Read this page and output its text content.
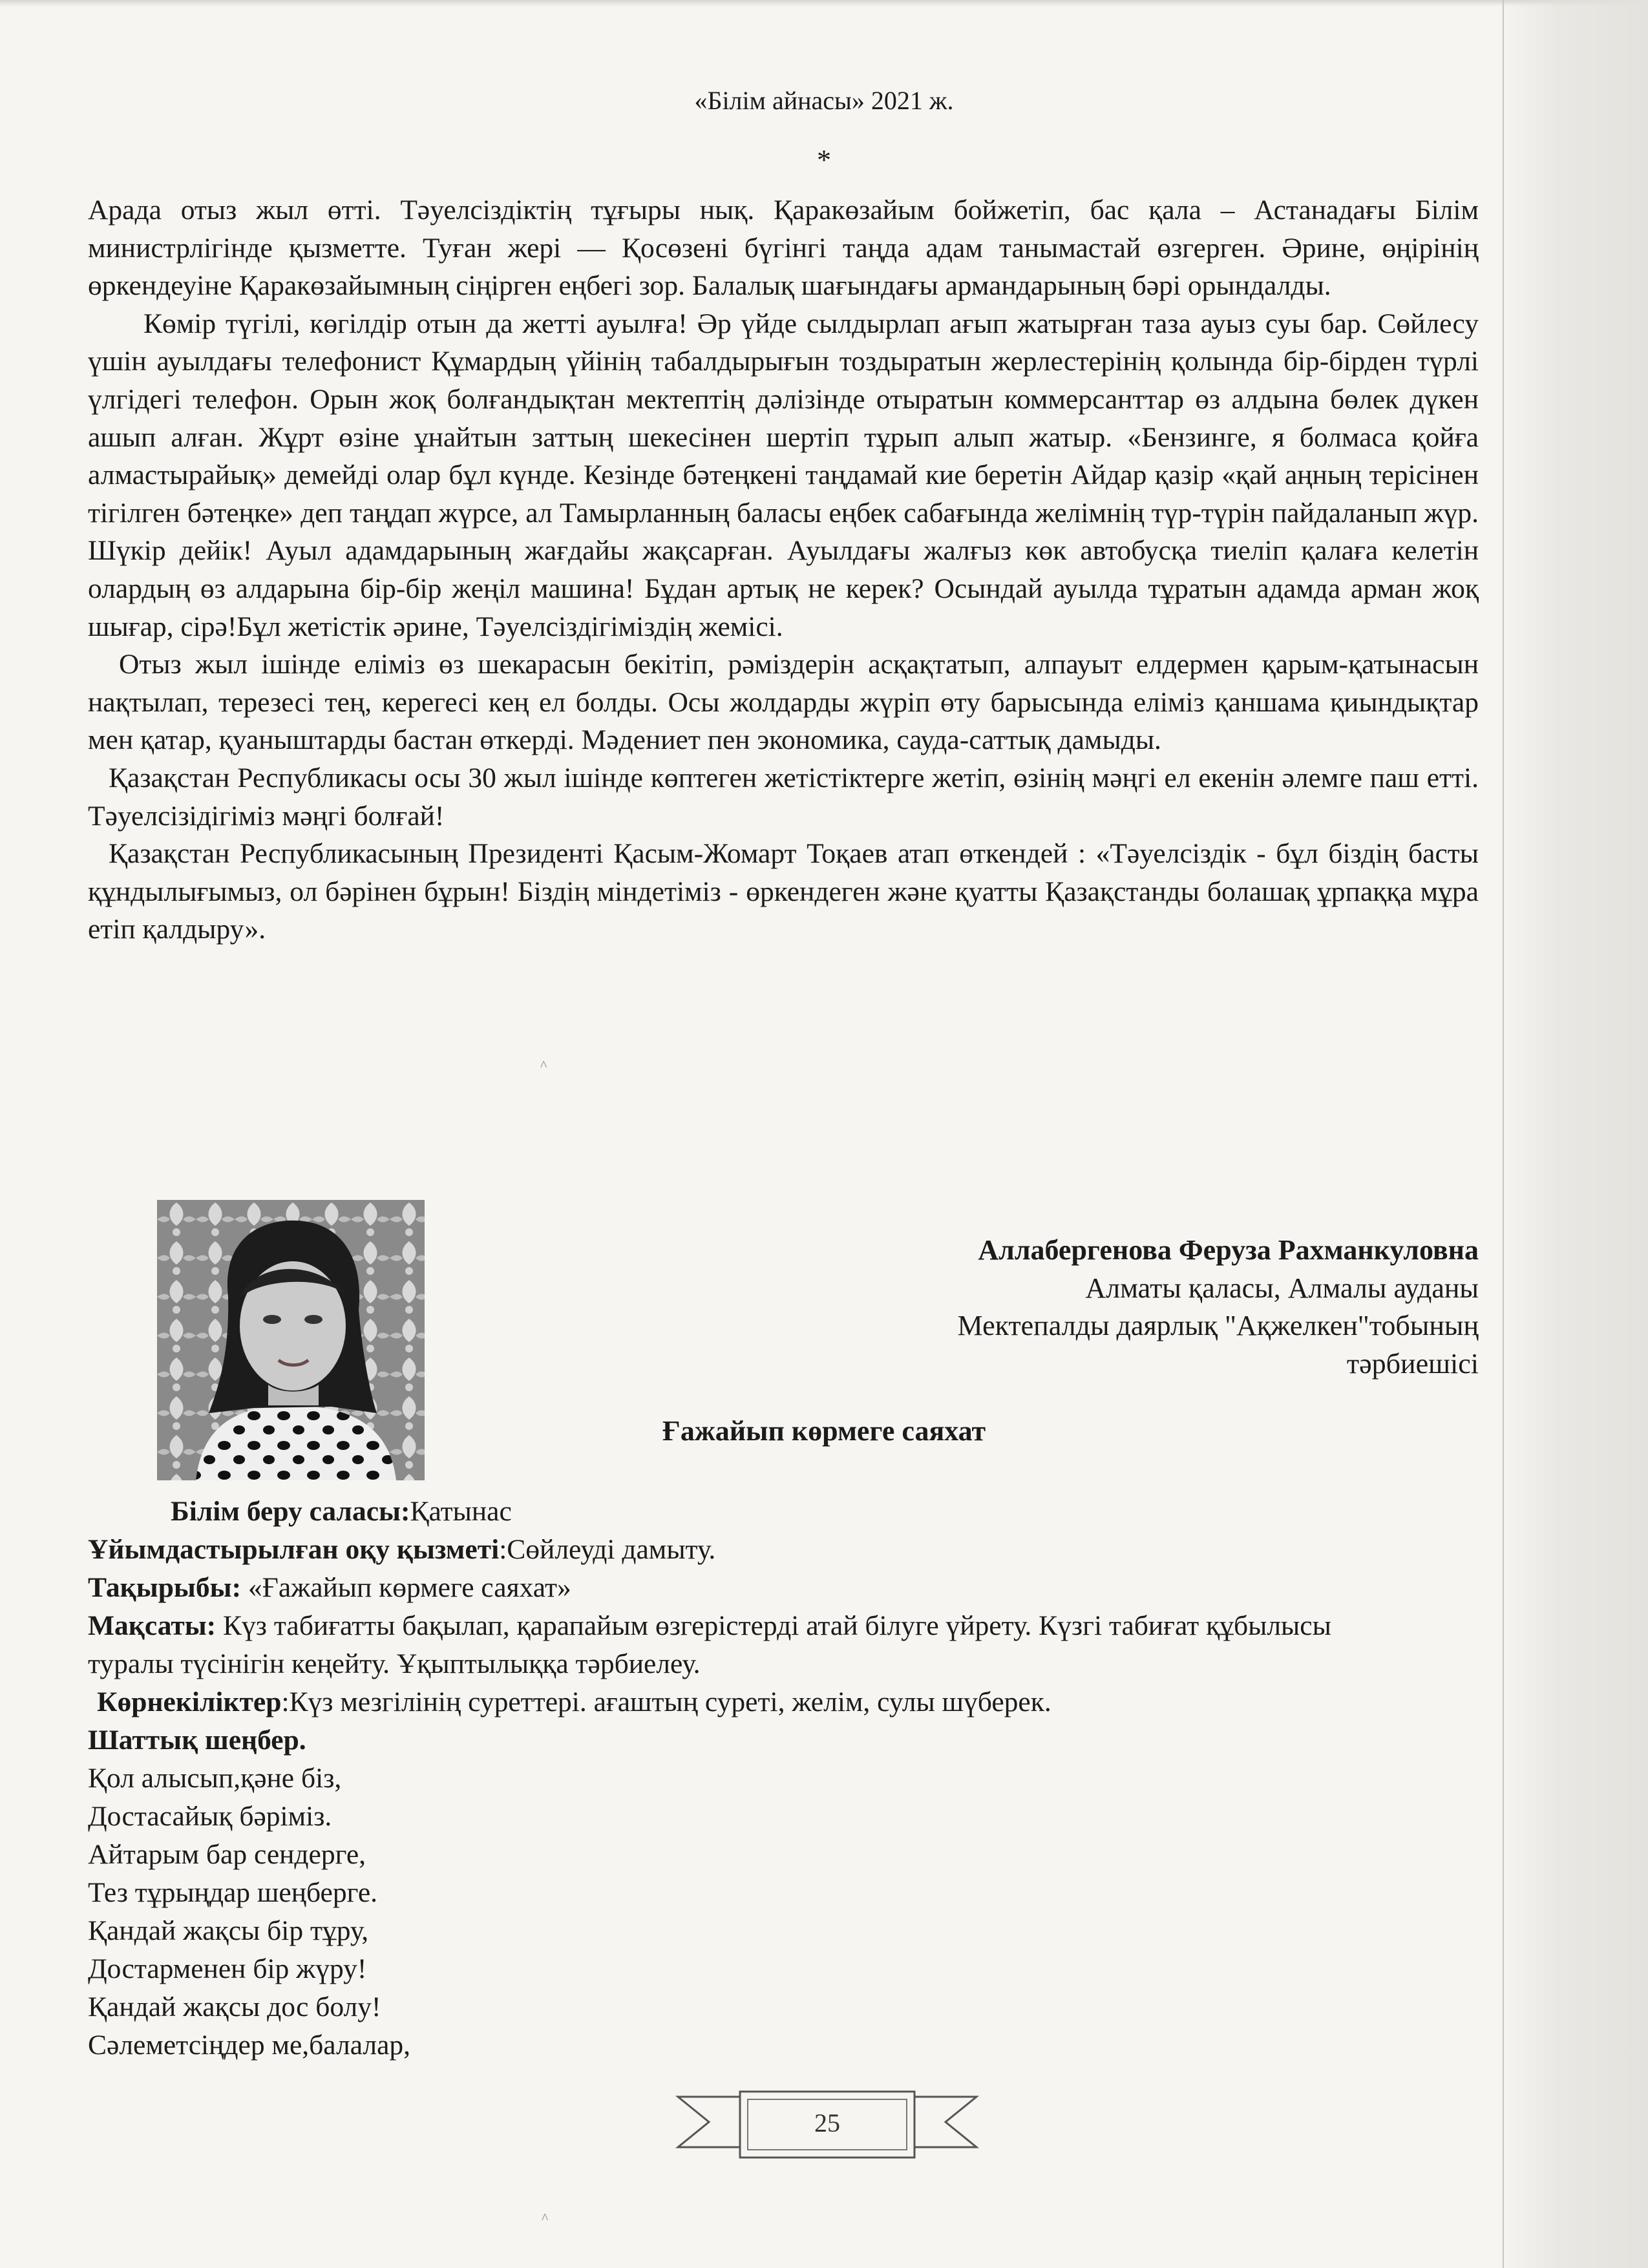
«Білім айнасы» 2021 ж.
*

Арада отыз жыл өтті. Тәуелсіздіктің тұғыры нық. Қаракөзайым бойжетіп, бас қала – Астанадағы Білім министрлігінде қызметте. Туған жері — Қосөзені бүгінгі таңда адам танымастай өзгерген. Әрине, өңірінің өркендеуіне Қаракөзайымның сіңірген еңбегі зор. Балалық шағындағы армандарының бәрі орындалды.

Көмір түгілі, көгілдір отын да жетті ауылға! Әр үйде сылдырлап ағып жатырған таза ауыз суы бар. Сөйлесу үшін ауылдағы телефонист Құмардың үйінің табалдырығын тоздыратын жерлестерінің қолында бір-бірден түрлі үлгідегі телефон. Орын жоқ болғандықтан мектептің дәлізінде отыратын коммерсанттар өз алдына бөлек дүкен ашып алған. Жұрт өзіне ұнайтын заттың шекесінен шертіп тұрып алып жатыр. «Бензинге, я болмаса қойға алмастырайық» демейді олар бұл күнде. Кезінде бәтеңкені таңдамай кие беретін Айдар қазір «қай аңның терісінен тігілген бәтеңке» деп таңдап жүрсе, ал Тамырланның баласы еңбек сабағында желімнің түр-түрін пайдаланып жүр. Шүкір дейік! Ауыл адамдарының жағдайы жақсарған. Ауылдағы жалғыз көк автобусқа тиеліп қалаға келетін олардың өз алдарына бір-бір жеңіл машина! Бұдан артық не керек? Осындай ауылда тұратын адамда арман жоқ шығар, сірә!Бұл жетістік әрине, Тәуелсіздігіміздің жемісі.

Отыз жыл ішінде еліміз өз шекарасын бекітіп, рәміздерін асқақтатып, алпауыт елдермен қарым-қатынасын нақтылап, терезесі тең, керегесі кең ел болды. Осы жолдарды жүріп өту барысында еліміз қаншама қиындықтар мен қатар, қуаныштарды бастан өткерді. Мәдениет пен экономика, сауда-саттық дамыды.

Қазақстан Республикасы осы 30 жыл ішінде көптеген жетістіктерге жетіп, өзінің мәңгі ел екенін әлемге паш етті. Тәуелсізідігіміз мәңгі болғай!

Қазақстан Республикасының Президенті Қасым-Жомарт Тоқаев атап өткендей : «Тәуелсіздік - бұл біздің басты құндылығымыз, ол бәрінен бұрын! Біздің міндетіміз - өркендеген және қуатты Қазақстанды болашақ ұрпаққа мұра етіп қалдыру».

Аллабергенова Феруза Рахманкуловна
Алматы қаласы, Алмалы ауданы
Мектепалды даярлық "Ақжелкен"тобының
тәрбиешісі
Ғажайып көрмеге саяхат

Білім беру саласы:Қатынас

Ұйымдастырылған оқу қызметі:Сөйлеуді дамыту.

Тақырыбы: «Ғажайып көрмеге саяхат»

Мақсаты: Күз табиғатты бақылап, қарапайым өзгерістерді атай білуге үйрету. Күзгі табиғат құбылысы туралы түсінігін кеңейту. Ұқыптылыққа тәрбиелеу.

Көрнекіліктер:Күз мезгілінің суреттері. ағаштың суреті, желім, сулы шүберек.

Шаттық шеңбер.

Қол алысып,қәне біз,

Достасайық бәріміз.

Айтарым бар сендерге,

Тез тұрыңдар шеңберге.

Қандай жақсы бір тұру,

Достарменен бір жүру!

Қандай жақсы дос болу!

Сәлеметсіңдер ме,балалар,

25
^
^
